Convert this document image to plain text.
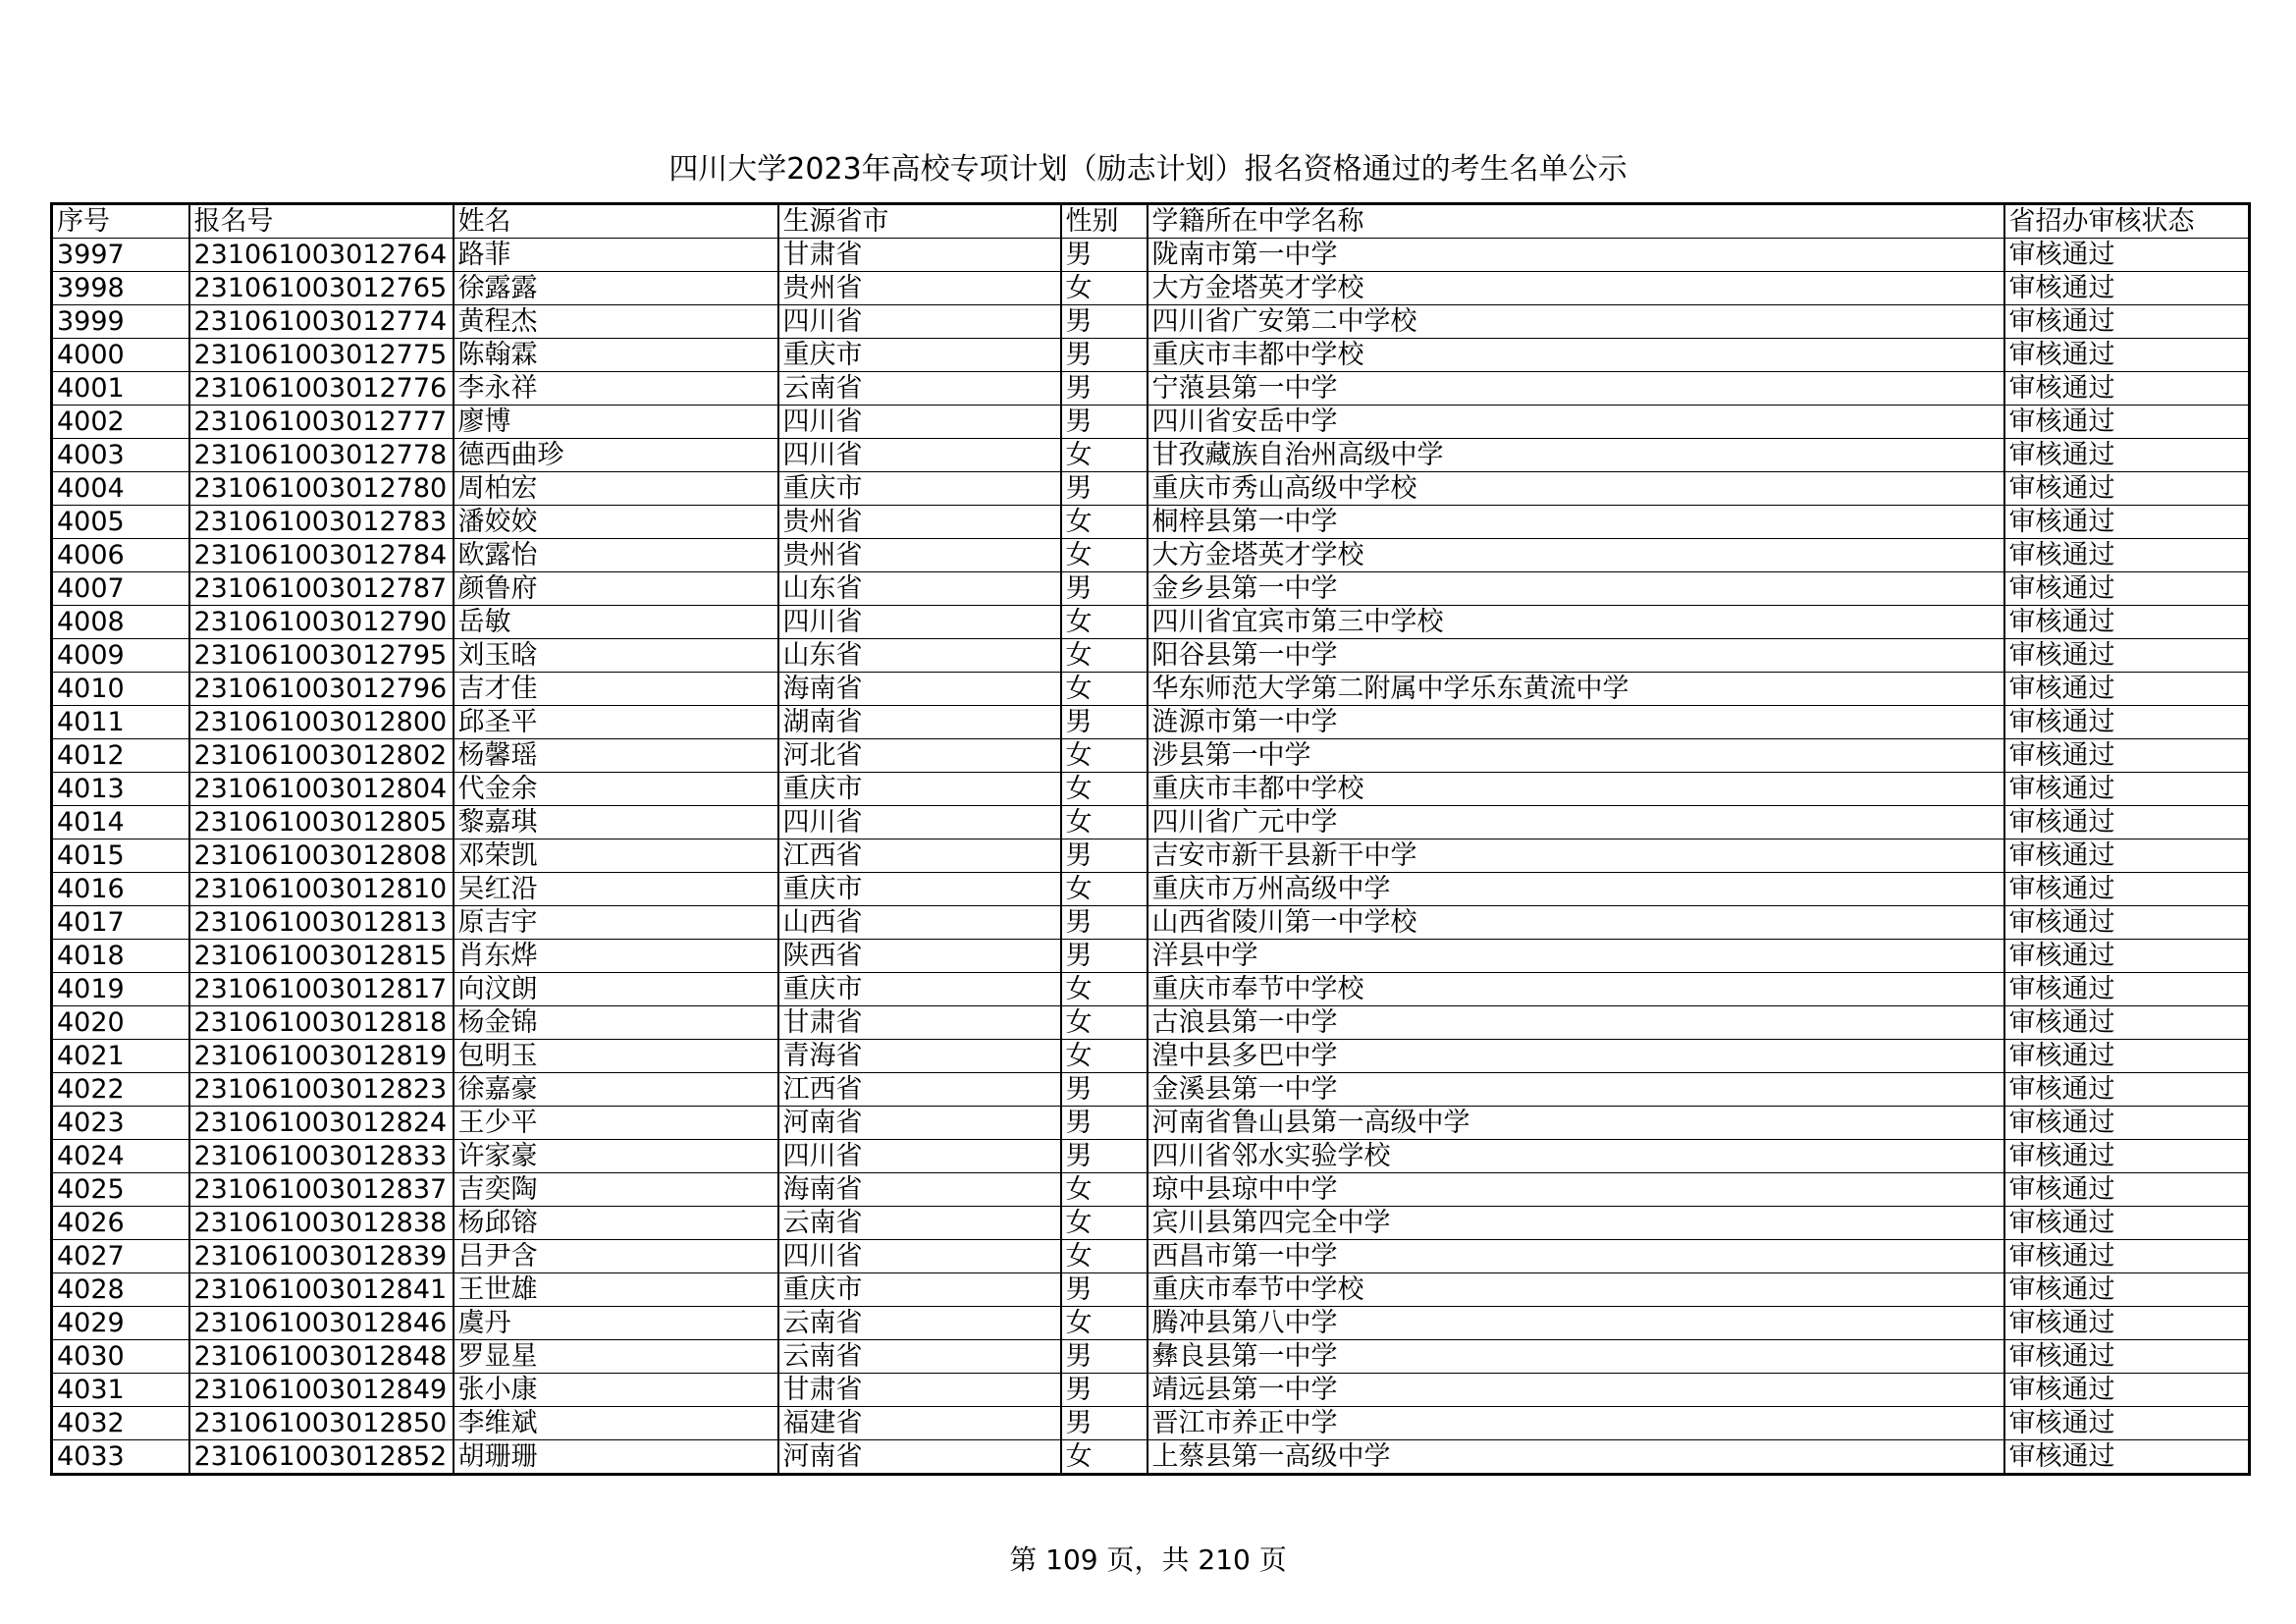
四川大学2023年高校专项计划（励志计划）报名资格通过的考生名单公示
序号	报名号	姓名	生源省市	性别	学籍所在中学名称	省招办审核状态
3997	231061003012764	路菲	甘肃省	男	陇南市第一中学	审核通过
3998	231061003012765	徐露露	贵州省	女	大方金塔英才学校	审核通过
3999	231061003012774	黄程杰	四川省	男	四川省广安第二中学校	审核通过
4000	231061003012775	陈翰霖	重庆市	男	重庆市丰都中学校	审核通过
4001	231061003012776	李永祥	云南省	男	宁蒗县第一中学	审核通过
4002	231061003012777	廖博	四川省	男	四川省安岳中学	审核通过
4003	231061003012778	德西曲珍	四川省	女	甘孜藏族自治州高级中学	审核通过
4004	231061003012780	周柏宏	重庆市	男	重庆市秀山高级中学校	审核通过
4005	231061003012783	潘姣姣	贵州省	女	桐梓县第一中学	审核通过
4006	231061003012784	欧露怡	贵州省	女	大方金塔英才学校	审核通过
4007	231061003012787	颜鲁府	山东省	男	金乡县第一中学	审核通过
4008	231061003012790	岳敏	四川省	女	四川省宜宾市第三中学校	审核通过
4009	231061003012795	刘玉晗	山东省	女	阳谷县第一中学	审核通过
4010	231061003012796	吉才佳	海南省	女	华东师范大学第二附属中学乐东黄流中学	审核通过
4011	231061003012800	邱圣平	湖南省	男	涟源市第一中学	审核通过
4012	231061003012802	杨馨瑶	河北省	女	涉县第一中学	审核通过
4013	231061003012804	代金余	重庆市	女	重庆市丰都中学校	审核通过
4014	231061003012805	黎嘉琪	四川省	女	四川省广元中学	审核通过
4015	231061003012808	邓荣凯	江西省	男	吉安市新干县新干中学	审核通过
4016	231061003012810	吴红沿	重庆市	女	重庆市万州高级中学	审核通过
4017	231061003012813	原吉宇	山西省	男	山西省陵川第一中学校	审核通过
4018	231061003012815	肖东烨	陕西省	男	洋县中学	审核通过
4019	231061003012817	向汶朗	重庆市	女	重庆市奉节中学校	审核通过
4020	231061003012818	杨金锦	甘肃省	女	古浪县第一中学	审核通过
4021	231061003012819	包明玉	青海省	女	湟中县多巴中学	审核通过
4022	231061003012823	徐嘉豪	江西省	男	金溪县第一中学	审核通过
4023	231061003012824	王少平	河南省	男	河南省鲁山县第一高级中学	审核通过
4024	231061003012833	许家豪	四川省	男	四川省邻水实验学校	审核通过
4025	231061003012837	吉奕陶	海南省	女	琼中县琼中中学	审核通过
4026	231061003012838	杨邱镕	云南省	女	宾川县第四完全中学	审核通过
4027	231061003012839	吕尹含	四川省	女	西昌市第一中学	审核通过
4028	231061003012841	王世雄	重庆市	男	重庆市奉节中学校	审核通过
4029	231061003012846	虞丹	云南省	女	腾冲县第八中学	审核通过
4030	231061003012848	罗显星	云南省	男	彝良县第一中学	审核通过
4031	231061003012849	张小康	甘肃省	男	靖远县第一中学	审核通过
4032	231061003012850	李维斌	福建省	男	晋江市养正中学	审核通过
4033	231061003012852	胡珊珊	河南省	女	上蔡县第一高级中学	审核通过
第 109 页，共 210 页
